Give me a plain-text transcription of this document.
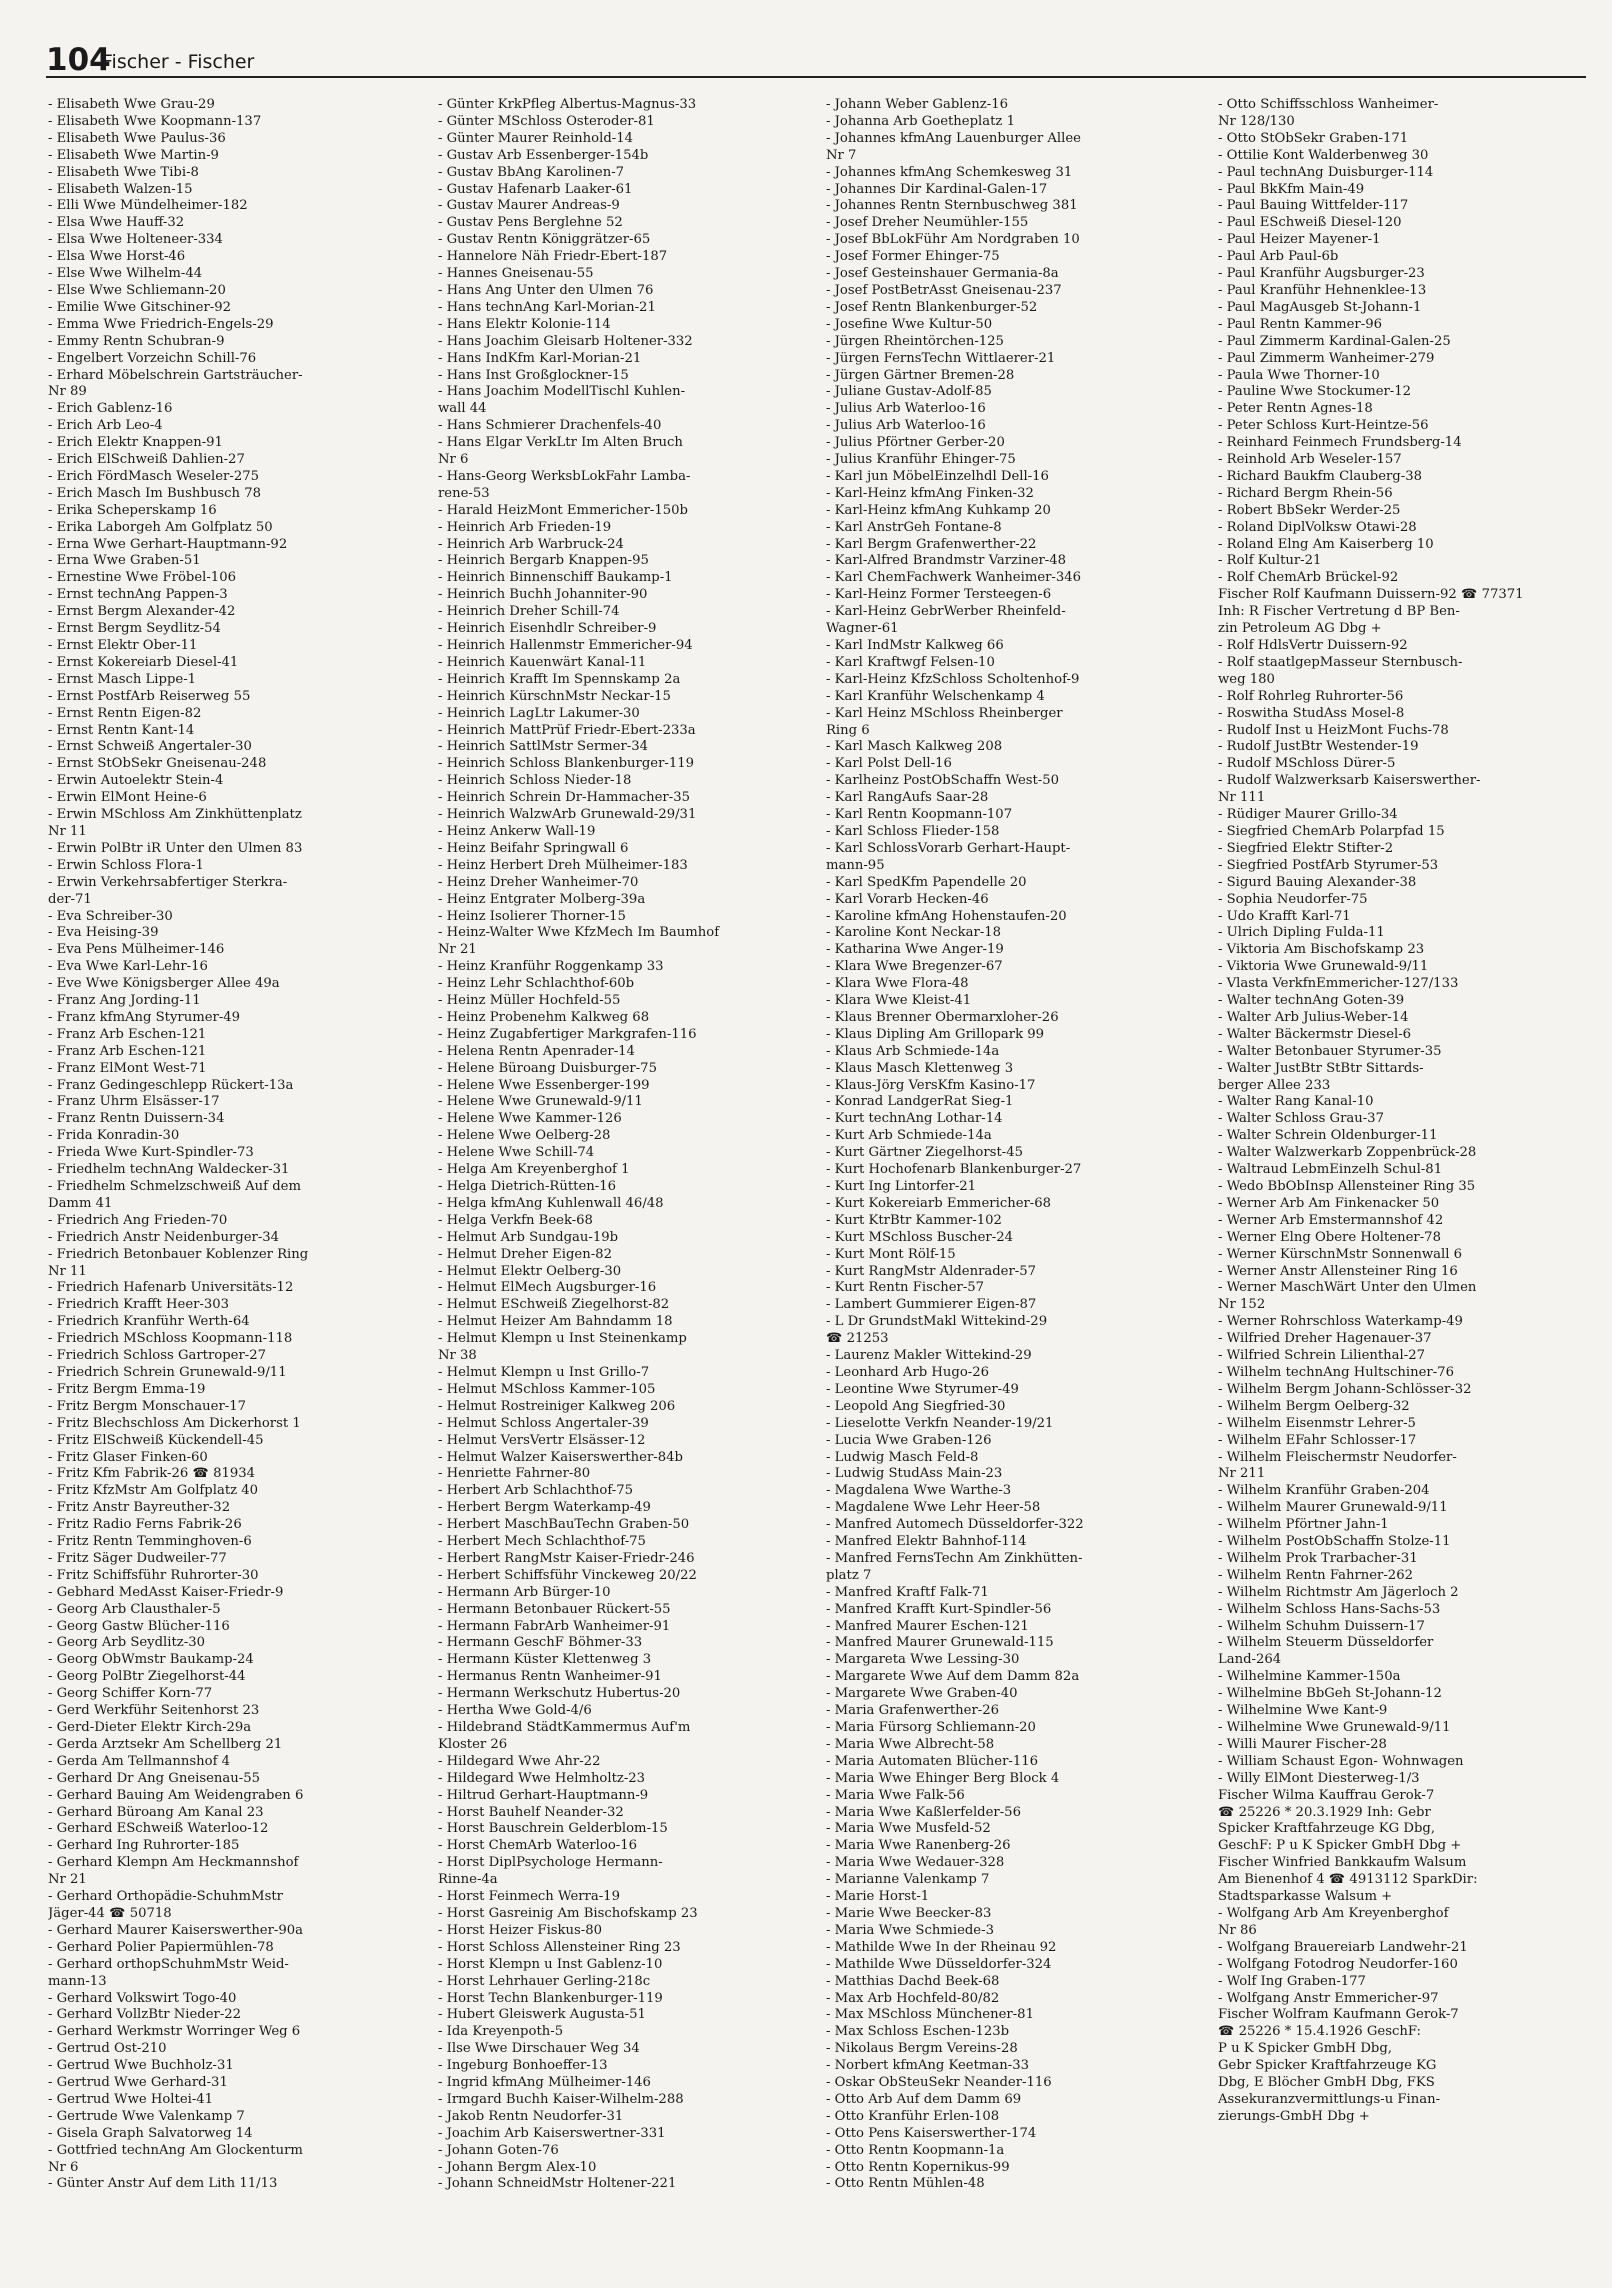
104
Fischer - Fischer
- Elisabeth Wwe Grau-29
- Elisabeth Wwe Koopmann-137
- Elisabeth Wwe Paulus-36
- Elisabeth Wwe Martin-9
- Elisabeth Wwe Tibi-8
- Elisabeth Walzen-15
- Elli Wwe Mündelheimer-182
- Elsa Wwe Hauff-32
- Elsa Wwe Holteneer-334
- Elsa Wwe Horst-46
- Else Wwe Wilhelm-44
- Else Wwe Schliemann-20
- Emilie Wwe Gitschiner-92
- Emma Wwe Friedrich-Engels-29
- Emmy Rentn Schubran-9
- Engelbert Vorzeichn Schill-76
- Erhard Möbelschrein Gartsträucher-
Nr 89
- Erich Gablenz-16
- Erich Arb Leo-4
- Erich Elektr Knappen-91
- Erich ElSchweiß Dahlien-27
- Erich FördMasch Weseler-275
- Erich Masch Im Bushbusch 78
- Erika Scheperskamp 16
- Erika Laborgeh Am Golfplatz 50
- Erna Wwe Gerhart-Hauptmann-92
- Erna Wwe Graben-51
- Ernestine Wwe Fröbel-106
- Ernst technAng Pappen-3
- Ernst Bergm Alexander-42
- Ernst Bergm Seydlitz-54
- Ernst Elektr Ober-11
- Ernst Kokereiarb Diesel-41
- Ernst Masch Lippe-1
- Ernst PostfArb Reiserweg 55
- Ernst Rentn Eigen-82
- Ernst Rentn Kant-14
- Ernst Schweiß Angertaler-30
- Ernst StObSekr Gneisenau-248
- Erwin Autoelektr Stein-4
- Erwin ElMont Heine-6
- Erwin MSchloss Am Zinkhüttenplatz
Nr 11
- Erwin PolBtr iR Unter den Ulmen 83
- Erwin Schloss Flora-1
- Erwin Verkehrsabfertiger Sterkra-
der-71
- Eva Schreiber-30
- Eva Heising-39
- Eva Pens Mülheimer-146
- Eva Wwe Karl-Lehr-16
- Eve Wwe Königsberger Allee 49a
- Franz Ang Jording-11
- Franz kfmAng Styrumer-49
- Franz Arb Eschen-121
- Franz Arb Eschen-121
- Franz ElMont West-71
- Franz Gedingeschlepp Rückert-13a
- Franz Uhrm Elsässer-17
- Franz Rentn Duissern-34
- Frida Konradin-30
- Frieda Wwe Kurt-Spindler-73
- Friedhelm technAng Waldecker-31
- Friedhelm Schmelzschweiß Auf dem
Damm 41
- Friedrich Ang Frieden-70
- Friedrich Anstr Neidenburger-34
- Friedrich Betonbauer Koblenzer Ring
Nr 11
- Friedrich Hafenarb Universitäts-12
- Friedrich Krafft Heer-303
- Friedrich Kranführ Werth-64
- Friedrich MSchloss Koopmann-118
- Friedrich Schloss Gartroper-27
- Friedrich Schrein Grunewald-9/11
- Fritz Bergm Emma-19
- Fritz Bergm Monschauer-17
- Fritz Blechschloss Am Dickerhorst 1
- Fritz ElSchweiß Kückendell-45
- Fritz Glaser Finken-60
- Fritz Kfm Fabrik-26 ☎ 81934
- Fritz KfzMstr Am Golfplatz 40
- Fritz Anstr Bayreuther-32
- Fritz Radio Ferns Fabrik-26
- Fritz Rentn Temminghoven-6
- Fritz Säger Dudweiler-77
- Fritz Schiffsführ Ruhrorter-30
- Gebhard MedAsst Kaiser-Friedr-9
- Georg Arb Clausthaler-5
- Georg Gastw Blücher-116
- Georg Arb Seydlitz-30
- Georg ObWmstr Baukamp-24
- Georg PolBtr Ziegelhorst-44
- Georg Schiffer Korn-77
- Gerd Werkführ Seitenhorst 23
- Gerd-Dieter Elektr Kirch-29a
- Gerda Arztsekr Am Schellberg 21
- Gerda Am Tellmannshof 4
- Gerhard Dr Ang Gneisenau-55
- Gerhard Bauing Am Weidengraben 6
- Gerhard Büroang Am Kanal 23
- Gerhard ESchweiß Waterloo-12
- Gerhard Ing Ruhrorter-185
- Gerhard Klempn Am Heckmannshof
Nr 21
- Gerhard Orthopädie-SchuhmMstr
Jäger-44 ☎ 50718
- Gerhard Maurer Kaiserswerther-90a
- Gerhard Polier Papiermühlen-78
- Gerhard orthopSchuhmMstr Weid-
mann-13
- Gerhard Volkswirt Togo-40
- Gerhard VollzBtr Nieder-22
- Gerhard Werkmstr Worringer Weg 6
- Gertrud Ost-210
- Gertrud Wwe Buchholz-31
- Gertrud Wwe Gerhard-31
- Gertrud Wwe Holtei-41
- Gertrude Wwe Valenkamp 7
- Gisela Graph Salvatorweg 14
- Gottfried technAng Am Glockenturm
Nr 6
- Günter Anstr Auf dem Lith 11/13
- Günter KrkPfleg Albertus-Magnus-33
- Günter MSchloss Osteroder-81
- Günter Maurer Reinhold-14
- Gustav Arb Essenberger-154b
- Gustav BbAng Karolinen-7
- Gustav Hafenarb Laaker-61
- Gustav Maurer Andreas-9
- Gustav Pens Berglehne 52
- Gustav Rentn Königgrätzer-65
- Hannelore Näh Friedr-Ebert-187
- Hannes Gneisenau-55
- Hans Ang Unter den Ulmen 76
- Hans technAng Karl-Morian-21
- Hans Elektr Kolonie-114
- Hans Joachim Gleisarb Holtener-332
- Hans IndKfm Karl-Morian-21
- Hans Inst Großglockner-15
- Hans Joachim ModellTischl Kuhlen-
wall 44
- Hans Schmierer Drachenfels-40
- Hans Elgar VerkLtr Im Alten Bruch
Nr 6
- Hans-Georg WerksbLokFahr Lamba-
rene-53
- Harald HeizMont Emmericher-150b
- Heinrich Arb Frieden-19
- Heinrich Arb Warbruck-24
- Heinrich Bergarb Knappen-95
- Heinrich Binnenschiff Baukamp-1
- Heinrich Buchh Johanniter-90
- Heinrich Dreher Schill-74
- Heinrich Eisenhdlr Schreiber-9
- Heinrich Hallenmstr Emmericher-94
- Heinrich Kauenwärt Kanal-11
- Heinrich Krafft Im Spennskamp 2a
- Heinrich KürschnMstr Neckar-15
- Heinrich LagLtr Lakumer-30
- Heinrich MattPrüf Friedr-Ebert-233a
- Heinrich SattlMstr Sermer-34
- Heinrich Schloss Blankenburger-119
- Heinrich Schloss Nieder-18
- Heinrich Schrein Dr-Hammacher-35
- Heinrich WalzwArb Grunewald-29/31
- Heinz Ankerw Wall-19
- Heinz Beifahr Springwall 6
- Heinz Herbert Dreh Mülheimer-183
- Heinz Dreher Wanheimer-70
- Heinz Entgrater Molberg-39a
- Heinz Isolierer Thorner-15
- Heinz-Walter Wwe KfzMech Im Baumhof
Nr 21
- Heinz Kranführ Roggenkamp 33
- Heinz Lehr Schlachthof-60b
- Heinz Müller Hochfeld-55
- Heinz Probenehm Kalkweg 68
- Heinz Zugabfertiger Markgrafen-116
- Helena Rentn Apenrader-14
- Helene Büroang Duisburger-75
- Helene Wwe Essenberger-199
- Helene Wwe Grunewald-9/11
- Helene Wwe Kammer-126
- Helene Wwe Oelberg-28
- Helene Wwe Schill-74
- Helga Am Kreyenberghof 1
- Helga Dietrich-Rütten-16
- Helga kfmAng Kuhlenwall 46/48
- Helga Verkfn Beek-68
- Helmut Arb Sundgau-19b
- Helmut Dreher Eigen-82
- Helmut Elektr Oelberg-30
- Helmut ElMech Augsburger-16
- Helmut ESchweiß Ziegelhorst-82
- Helmut Heizer Am Bahndamm 18
- Helmut Klempn u Inst Steinenkamp
Nr 38
- Helmut Klempn u Inst Grillo-7
- Helmut MSchloss Kammer-105
- Helmut Rostreiniger Kalkweg 206
- Helmut Schloss Angertaler-39
- Helmut VersVertr Elsässer-12
- Helmut Walzer Kaiserswerther-84b
- Henriette Fahrner-80
- Herbert Arb Schlachthof-75
- Herbert Bergm Waterkamp-49
- Herbert MaschBauTechn Graben-50
- Herbert Mech Schlachthof-75
- Herbert RangMstr Kaiser-Friedr-246
- Herbert Schiffsführ Vinckeweg 20/22
- Hermann Arb Bürger-10
- Hermann Betonbauer Rückert-55
- Hermann FabrArb Wanheimer-91
- Hermann GeschF Böhmer-33
- Hermann Küster Klettenweg 3
- Hermanus Rentn Wanheimer-91
- Hermann Werkschutz Hubertus-20
- Hertha Wwe Gold-4/6
- Hildebrand StädtKammermus Auf'm
Kloster 26
- Hildegard Wwe Ahr-22
- Hildegard Wwe Helmholtz-23
- Hiltrud Gerhart-Hauptmann-9
- Horst Bauhelf Neander-32
- Horst Bauschrein Gelderblom-15
- Horst ChemArb Waterloo-16
- Horst DiplPsychologe Hermann-
Rinne-4a
- Horst Feinmech Werra-19
- Horst Gasreinig Am Bischofskamp 23
- Horst Heizer Fiskus-80
- Horst Schloss Allensteiner Ring 23
- Horst Klempn u Inst Gablenz-10
- Horst Lehrhauer Gerling-218c
- Horst Techn Blankenburger-119
- Hubert Gleiswerk Augusta-51
- Ida Kreyenpoth-5
- Ilse Wwe Dirschauer Weg 34
- Ingeburg Bonhoeffer-13
- Ingrid kfmAng Mülheimer-146
- Irmgard Buchh Kaiser-Wilhelm-288
- Jakob Rentn Neudorfer-31
- Joachim Arb Kaiserswertner-331
- Johann Goten-76
- Johann Bergm Alex-10
- Johann SchneidMstr Holtener-221
- Johann Weber Gablenz-16
- Johanna Arb Goetheplatz 1
- Johannes kfmAng Lauenburger Allee
Nr 7
- Johannes kfmAng Schemkesweg 31
- Johannes Dir Kardinal-Galen-17
- Johannes Rentn Sternbuschweg 381
- Josef Dreher Neumühler-155
- Josef BbLokFühr Am Nordgraben 10
- Josef Former Ehinger-75
- Josef Gesteinshauer Germania-8a
- Josef PostBetrAsst Gneisenau-237
- Josef Rentn Blankenburger-52
- Josefine Wwe Kultur-50
- Jürgen Rheintörchen-125
- Jürgen FernsTechn Wittlaerer-21
- Jürgen Gärtner Bremen-28
- Juliane Gustav-Adolf-85
- Julius Arb Waterloo-16
- Julius Arb Waterloo-16
- Julius Pförtner Gerber-20
- Julius Kranführ Ehinger-75
- Karl jun MöbelEinzelhdl Dell-16
- Karl-Heinz kfmAng Finken-32
- Karl-Heinz kfmAng Kuhkamp 20
- Karl AnstrGeh Fontane-8
- Karl Bergm Grafenwerther-22
- Karl-Alfred Brandmstr Varziner-48
- Karl ChemFachwerk Wanheimer-346
- Karl-Heinz Former Tersteegen-6
- Karl-Heinz GebrWerber Rheinfeld-
Wagner-61
- Karl IndMstr Kalkweg 66
- Karl Kraftwgf Felsen-10
- Karl-Heinz KfzSchloss Scholtenhof-9
- Karl Kranführ Welschenkamp 4
- Karl Heinz MSchloss Rheinberger
Ring 6
- Karl Masch Kalkweg 208
- Karl Polst Dell-16
- Karlheinz PostObSchaffn West-50
- Karl RangAufs Saar-28
- Karl Rentn Koopmann-107
- Karl Schloss Flieder-158
- Karl SchlossVorarb Gerhart-Haupt-
mann-95
- Karl SpedKfm Papendelle 20
- Karl Vorarb Hecken-46
- Karoline kfmAng Hohenstaufen-20
- Karoline Kont Neckar-18
- Katharina Wwe Anger-19
- Klara Wwe Bregenzer-67
- Klara Wwe Flora-48
- Klara Wwe Kleist-41
- Klaus Brenner Obermarxloher-26
- Klaus Dipling Am Grillopark 99
- Klaus Arb Schmiede-14a
- Klaus Masch Klettenweg 3
- Klaus-Jörg VersKfm Kasino-17
- Konrad LandgerRat Sieg-1
- Kurt technAng Lothar-14
- Kurt Arb Schmiede-14a
- Kurt Gärtner Ziegelhorst-45
- Kurt Hochofenarb Blankenburger-27
- Kurt Ing Lintorfer-21
- Kurt Kokereiarb Emmericher-68
- Kurt KtrBtr Kammer-102
- Kurt MSchloss Buscher-24
- Kurt Mont Rölf-15
- Kurt RangMstr Aldenrader-57
- Kurt Rentn Fischer-57
- Lambert Gummierer Eigen-87
- L Dr GrundstMakl Wittekind-29
☎ 21253
- Laurenz Makler Wittekind-29
- Leonhard Arb Hugo-26
- Leontine Wwe Styrumer-49
- Leopold Ang Siegfried-30
- Lieselotte Verkfn Neander-19/21
- Lucia Wwe Graben-126
- Ludwig Masch Feld-8
- Ludwig StudAss Main-23
- Magdalena Wwe Warthe-3
- Magdalene Wwe Lehr Heer-58
- Manfred Automech Düsseldorfer-322
- Manfred Elektr Bahnhof-114
- Manfred FernsTechn Am Zinkhütten-
platz 7
- Manfred Kraftf Falk-71
- Manfred Krafft Kurt-Spindler-56
- Manfred Maurer Eschen-121
- Manfred Maurer Grunewald-115
- Margareta Wwe Lessing-30
- Margarete Wwe Auf dem Damm 82a
- Margarete Wwe Graben-40
- Maria Grafenwerther-26
- Maria Fürsorg Schliemann-20
- Maria Wwe Albrecht-58
- Maria Automaten Blücher-116
- Maria Wwe Ehinger Berg Block 4
- Maria Wwe Falk-56
- Maria Wwe Kaßlerfelder-56
- Maria Wwe Musfeld-52
- Maria Wwe Ranenberg-26
- Maria Wwe Wedauer-328
- Marianne Valenkamp 7
- Marie Horst-1
- Marie Wwe Beecker-83
- Maria Wwe Schmiede-3
- Mathilde Wwe In der Rheinau 92
- Mathilde Wwe Düsseldorfer-324
- Matthias Dachd Beek-68
- Max Arb Hochfeld-80/82
- Max MSchloss Münchener-81
- Max Schloss Eschen-123b
- Nikolaus Bergm Vereins-28
- Norbert kfmAng Keetman-33
- Oskar ObSteuSekr Neander-116
- Otto Arb Auf dem Damm 69
- Otto Kranführ Erlen-108
- Otto Pens Kaiserswerther-174
- Otto Rentn Koopmann-1a
- Otto Rentn Kopernikus-99
- Otto Rentn Mühlen-48
- Otto Schiffsschloss Wanheimer-
Nr 128/130
- Otto StObSekr Graben-171
- Ottilie Kont Walderbenweg 30
- Paul technAng Duisburger-114
- Paul BkKfm Main-49
- Paul Bauing Wittfelder-117
- Paul ESchweiß Diesel-120
- Paul Heizer Mayener-1
- Paul Arb Paul-6b
- Paul Kranführ Augsburger-23
- Paul Kranführ Hehnenklee-13
- Paul MagAusgeb St-Johann-1
- Paul Rentn Kammer-96
- Paul Zimmerm Kardinal-Galen-25
- Paul Zimmerm Wanheimer-279
- Paula Wwe Thorner-10
- Pauline Wwe Stockumer-12
- Peter Rentn Agnes-18
- Peter Schloss Kurt-Heintze-56
- Reinhard Feinmech Frundsberg-14
- Reinhold Arb Weseler-157
- Richard Baukfm Clauberg-38
- Richard Bergm Rhein-56
- Robert BbSekr Werder-25
- Roland DiplVolksw Otawi-28
- Roland Elng Am Kaiserberg 10
- Rolf Kultur-21
- Rolf ChemArb Brückel-92
Fischer Rolf Kaufmann Duissern-92 ☎ 77371
Inh: R Fischer Vertretung d BP Ben-
zin Petroleum AG Dbg +
- Rolf HdlsVertr Duissern-92
- Rolf staatlgepMasseur Sternbusch-
weg 180
- Rolf Rohrleg Ruhrorter-56
- Roswitha StudAss Mosel-8
- Rudolf Inst u HeizMont Fuchs-78
- Rudolf JustBtr Westender-19
- Rudolf MSchloss Dürer-5
- Rudolf Walzwerksarb Kaiserswerther-
Nr 111
- Rüdiger Maurer Grillo-34
- Siegfried ChemArb Polarpfad 15
- Siegfried Elektr Stifter-2
- Siegfried PostfArb Styrumer-53
- Sigurd Bauing Alexander-38
- Sophia Neudorfer-75
- Udo Krafft Karl-71
- Ulrich Dipling Fulda-11
- Viktoria Am Bischofskamp 23
- Viktoria Wwe Grunewald-9/11
- Vlasta VerkfnEmmericher-127/133
- Walter technAng Goten-39
- Walter Arb Julius-Weber-14
- Walter Bäckermstr Diesel-6
- Walter Betonbauer Styrumer-35
- Walter JustBtr StBtr Sittards-
berger Allee 233
- Walter Rang Kanal-10
- Walter Schloss Grau-37
- Walter Schrein Oldenburger-11
- Walter Walzwerkarb Zoppenbrück-28
- Waltraud LebmEinzelh Schul-81
- Wedo BbObInsp Allensteiner Ring 35
- Werner Arb Am Finkenacker 50
- Werner Arb Emstermannshof 42
- Werner Elng Obere Holtener-78
- Werner KürschnMstr Sonnenwall 6
- Werner Anstr Allensteiner Ring 16
- Werner MaschWärt Unter den Ulmen
Nr 152
- Werner Rohrschloss Waterkamp-49
- Wilfried Dreher Hagenauer-37
- Wilfried Schrein Lilienthal-27
- Wilhelm technAng Hultschiner-76
- Wilhelm Bergm Johann-Schlösser-32
- Wilhelm Bergm Oelberg-32
- Wilhelm Eisenmstr Lehrer-5
- Wilhelm EFahr Schlosser-17
- Wilhelm Fleischermstr Neudorfer-
Nr 211
- Wilhelm Kranführ Graben-204
- Wilhelm Maurer Grunewald-9/11
- Wilhelm Pförtner Jahn-1
- Wilhelm PostObSchaffn Stolze-11
- Wilhelm Prok Trarbacher-31
- Wilhelm Rentn Fahrner-262
- Wilhelm Richtmstr Am Jägerloch 2
- Wilhelm Schloss Hans-Sachs-53
- Wilhelm Schuhm Duissern-17
- Wilhelm Steuerm Düsseldorfer
Land-264
- Wilhelmine Kammer-150a
- Wilhelmine BbGeh St-Johann-12
- Wilhelmine Wwe Kant-9
- Wilhelmine Wwe Grunewald-9/11
- Willi Maurer Fischer-28
- William Schaust Egon- Wohnwagen
- Willy ElMont Diesterweg-1/3
Fischer Wilma Kauffrau Gerok-7
☎ 25226 * 20.3.1929 Inh: Gebr
Spicker Kraftfahrzeuge KG Dbg,
GeschF: P u K Spicker GmbH Dbg +
Fischer Winfried Bankkaufm Walsum
Am Bienenhof 4 ☎ 4913112 SparkDir:
Stadtsparkasse Walsum +
- Wolfgang Arb Am Kreyenberghof
Nr 86
- Wolfgang Brauereiarb Landwehr-21
- Wolfgang Fotodrog Neudorfer-160
- Wolf Ing Graben-177
- Wolfgang Anstr Emmericher-97
Fischer Wolfram Kaufmann Gerok-7
☎ 25226 * 15.4.1926 GeschF:
P u K Spicker GmbH Dbg,
Gebr Spicker Kraftfahrzeuge KG
Dbg, E Blöcher GmbH Dbg, FKS
Assekuranzvermittlungs-u Finan-
zierungs-GmbH Dbg +
